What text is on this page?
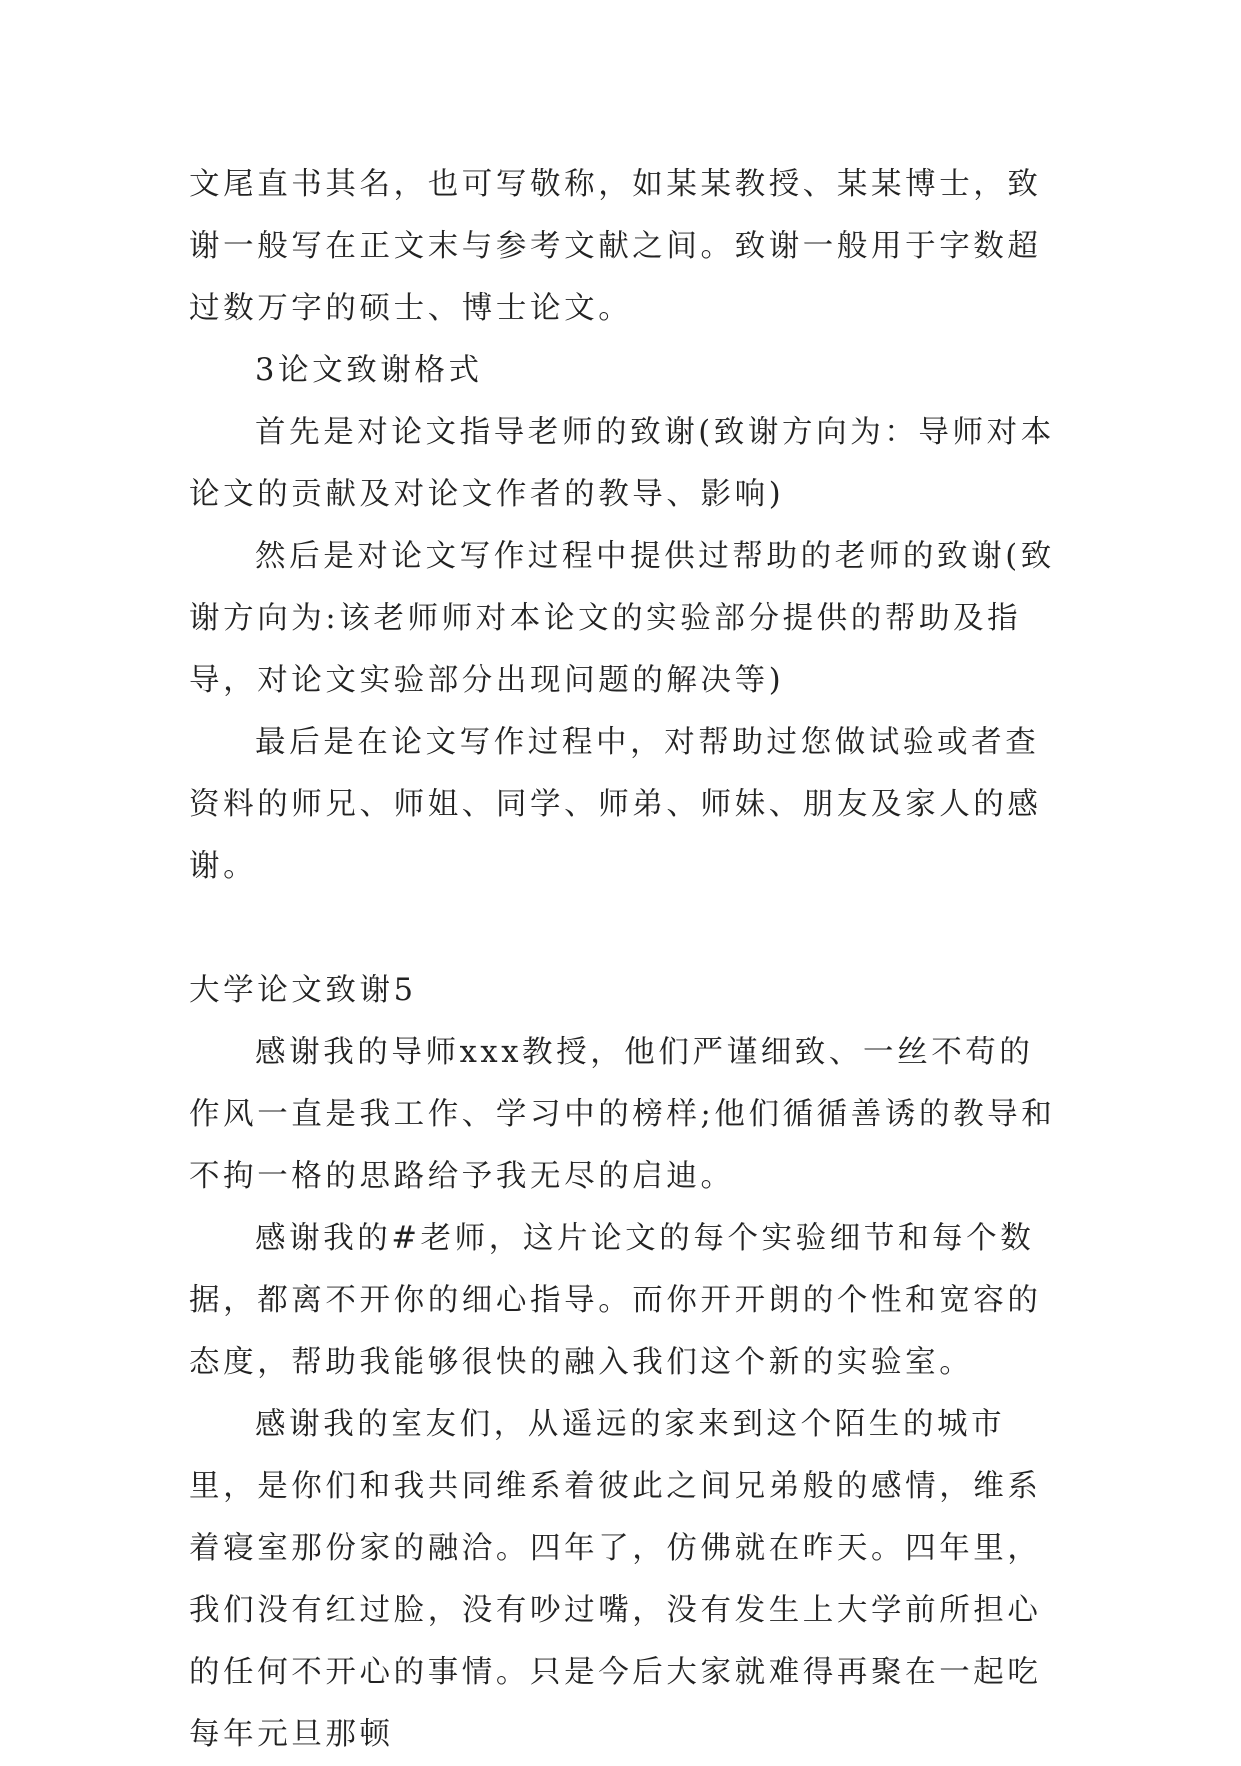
文尾直书其名，也可写敬称，如某某教授、某某博士，致谢一般写在正文末与参考文献之间。致谢一般用于字数超过数万字的硕士、博士论文。

3论文致谢格式

首先是对论文指导老师的致谢(致谢方向为：导师对本论文的贡献及对论文作者的教导、影响)

然后是对论文写作过程中提供过帮助的老师的致谢(致谢方向为:该老师师对本论文的实验部分提供的帮助及指导，对论文实验部分出现问题的解决等)

最后是在论文写作过程中，对帮助过您做试验或者查资料的师兄、师姐、同学、师弟、师妹、朋友及家人的感谢。

大学论文致谢5

感谢我的导师xxx教授，他们严谨细致、一丝不苟的作风一直是我工作、学习中的榜样;他们循循善诱的教导和不拘一格的思路给予我无尽的启迪。

感谢我的#老师，这片论文的每个实验细节和每个数据，都离不开你的细心指导。而你开开朗的个性和宽容的态度，帮助我能够很快的融入我们这个新的实验室。

感谢我的室友们，从遥远的家来到这个陌生的城市里，是你们和我共同维系着彼此之间兄弟般的感情，维系着寝室那份家的融洽。四年了，仿佛就在昨天。四年里，我们没有红过脸，没有吵过嘴，没有发生上大学前所担心的任何不开心的事情。只是今后大家就难得再聚在一起吃每年元旦那顿
